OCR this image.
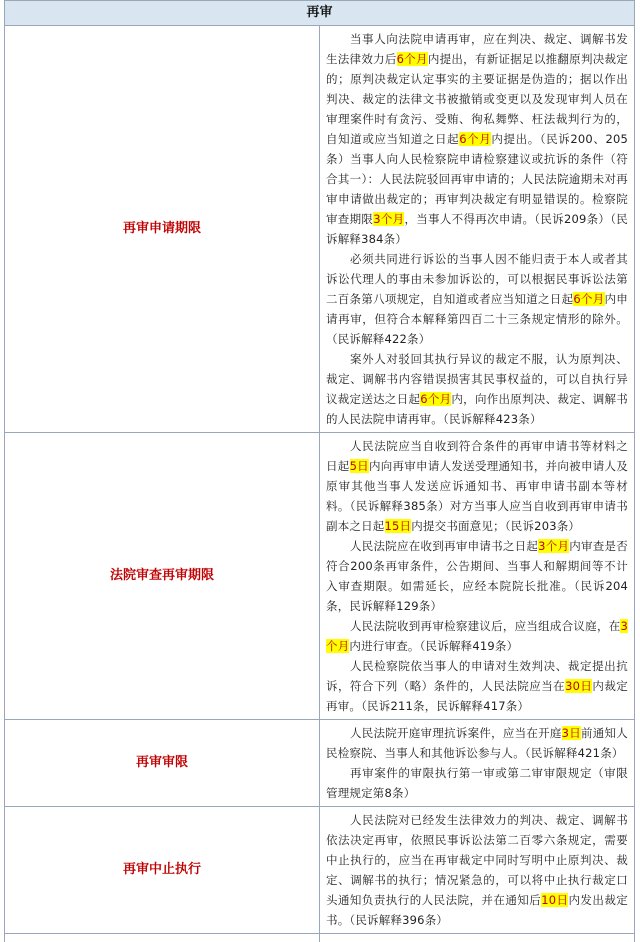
再审	
再审申请期限	当事人向法院申请再审，应在判决、裁定、调解书发生法律效力后6个月内提出，有新证据足以推翻原判决裁定的；原判决裁定认定事实的主要证据是伪造的；据以作出判决、裁定的法律文书被撤销或变更以及发现审判人员在审理案件时有贪污、受贿、徇私舞弊、枉法裁判行为的，自知道或应当知道之日起6个月内提出。（民诉200、205条）当事人向人民检察院申请检察建议或抗诉的条件（符合其一）：人民法院驳回再审申请的；人民法院逾期未对再审申请做出裁定的；再审判决裁定有明显错误的。检察院审查期限3个月，当事人不得再次申请。（民诉209条）（民诉解释384条）

必须共同进行诉讼的当事人因不能归责于本人或者其诉讼代理人的事由未参加诉讼的，可以根据民事诉讼法第二百条第八项规定，自知道或者应当知道之日起6个月内申请再审，但符合本解释第四百二十三条规定情形的除外。（民诉解释422条）

案外人对驳回其执行异议的裁定不服，认为原判决、裁定、调解书内容错误损害其民事权益的，可以自执行异议裁定送达之日起6个月内，向作出原判决、裁定、调解书的人民法院申请再审。（民诉解释423条）

法院审查再审期限	人民法院应当自收到符合条件的再审申请书等材料之日起5日内向再审申请人发送受理通知书，并向被申请人及原审其他当事人发送应诉通知书、再审申请书副本等材料。（民诉解释385条）对方当事人应当自收到再审申请书副本之日起15日内提交书面意见；（民诉203条）

人民法院应在收到再审申请书之日起3个月内审查是否符合200条再审条件，公告期间、当事人和解期间等不计入审查期限。如需延长，应经本院院长批准。（民诉204条，民诉解释129条）

人民法院收到再审检察建议后，应当组成合议庭，在3个月内进行审查。（民诉解释419条）

人民检察院依当事人的申请对生效判决、裁定提出抗诉，符合下列（略）条件的，人民法院应当在30日内裁定再审。（民诉211条，民诉解释417条）

再审审限	人民法院开庭审理抗诉案件，应当在开庭3日前通知人民检察院、当事人和其他诉讼参与人。（民诉解释421条）

再审案件的审限执行第一审或第二审审限规定（审限管理规定第8条）

再审中止执行	人民法院对已经发生法律效力的判决、裁定、调解书依法决定再审，依照民事诉讼法第二百零六条规定，需要中止执行的，应当在再审裁定中同时写明中止原判决、裁定、调解书的执行；情况紧急的，可以将中止执行裁定口头通知负责执行的人民法院，并在通知后10日内发出裁定书。（民诉解释396条）
